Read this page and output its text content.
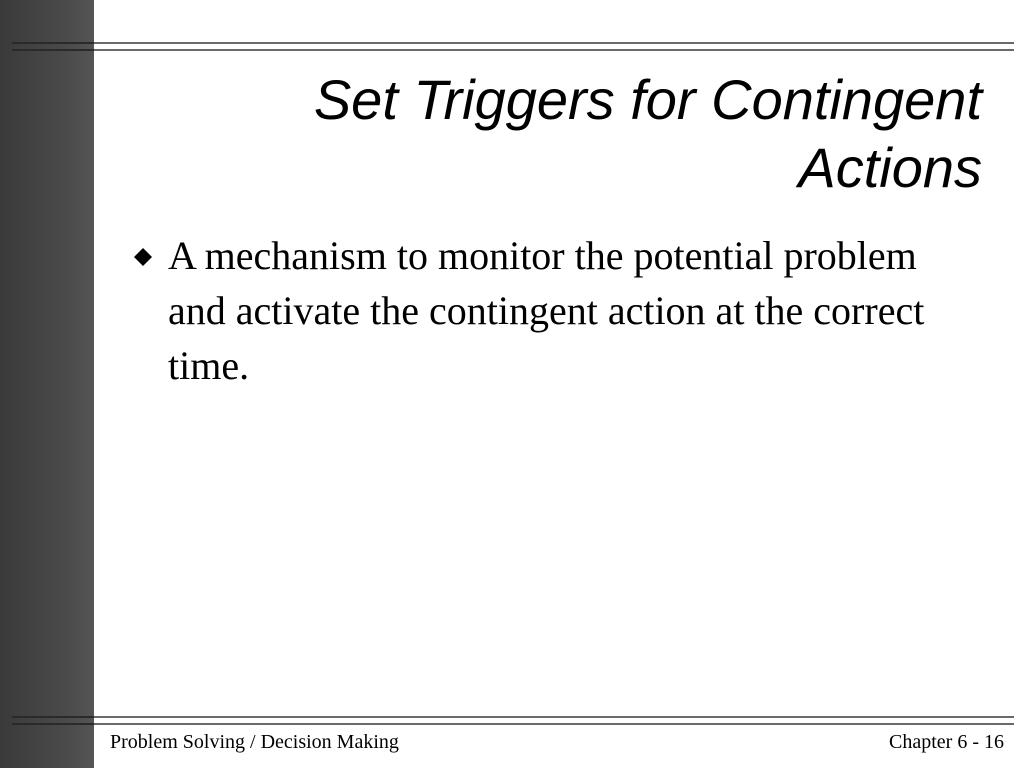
Set Triggers for Contingent
Actions
A mechanism to monitor the potential problem and activate the contingent action at the correct time.
Problem Solving / Decision Making	Chapter 6 - 16
